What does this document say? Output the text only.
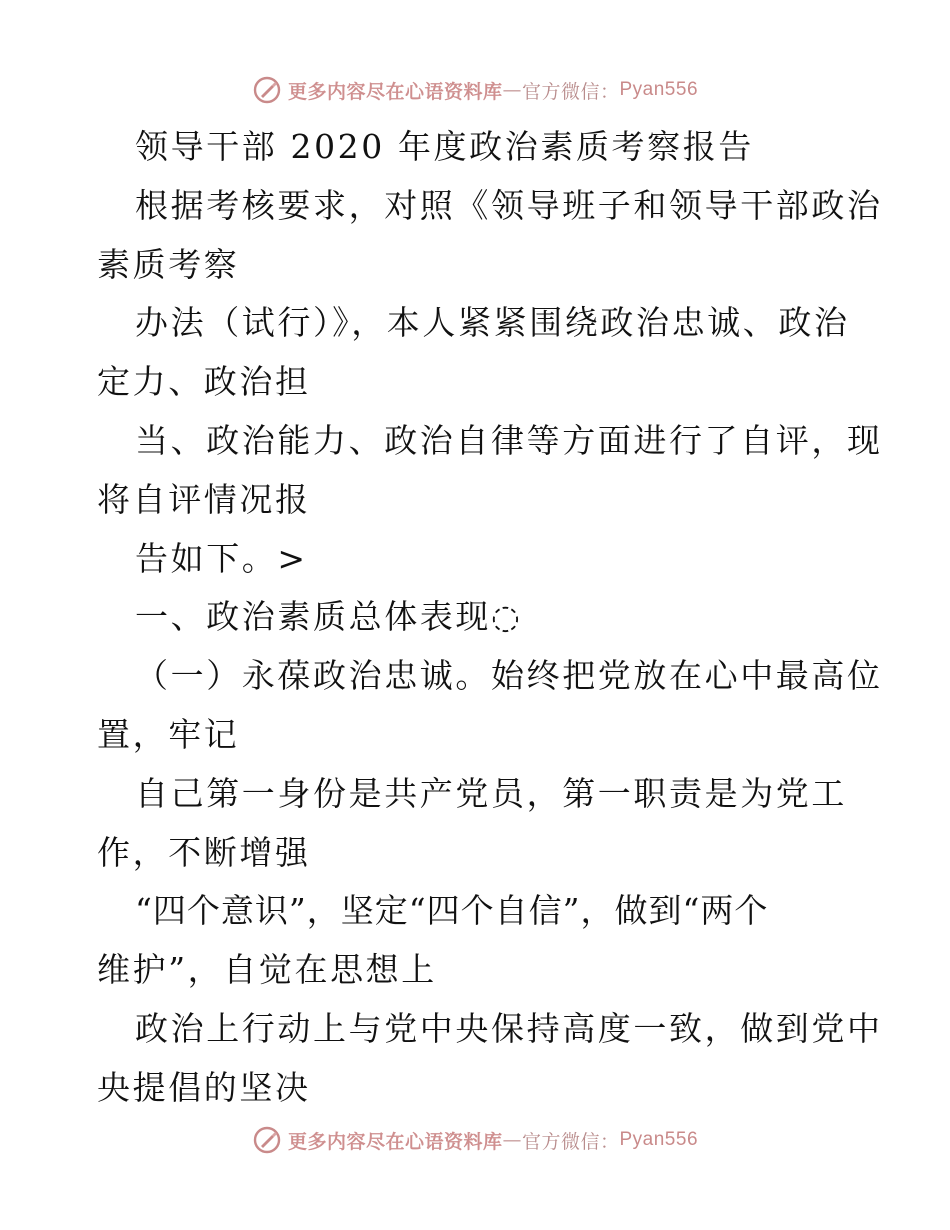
更多内容尽在心语资料库 — 官方微信： Pyan556
领导干部 2020 年度政治素质考察报告
根据考核要求，对照《领导班子和领导干部政治
素质考察
办法（试行）》，本人紧紧围绕政治忠诚、政治
定力、政治担
当、政治能力、政治自律等方面进行了自评，现
将自评情况报
告如下。>
一、政治素质总体表现◌
（一）永葆政治忠诚。始终把党放在心中最高位
置，牢记
自己第一身份是共产党员，第一职责是为党工
作，不断增强
“四个意识”，坚定“四个自信”，做到“两个
维护”，自觉在思想上
政治上行动上与党中央保持高度一致，做到党中
央提倡的坚决
更多内容尽在心语资料库 — 官方微信： Pyan556
